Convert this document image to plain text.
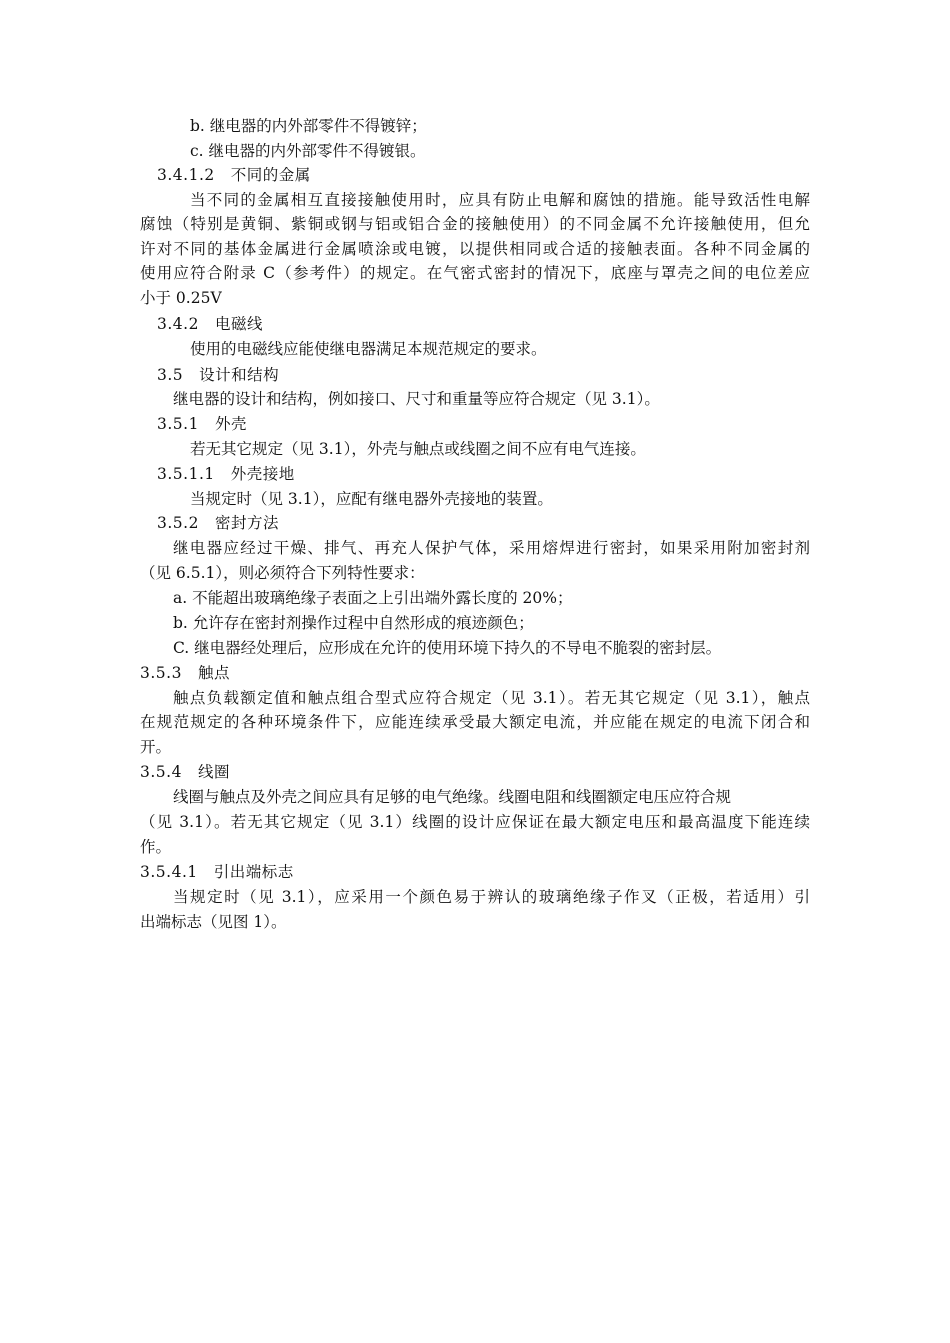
b. 继电器的内外部零件不得镀锌；
c. 继电器的内外部零件不得镀银。
3.4.1.2　不同的金属
当不同的金属相互直接接触使用时，应具有防止电解和腐蚀的措施。能导致活性电解
腐蚀（特别是黄铜、紫铜或钢与铝或铝合金的接触使用）的不同金属不允许接触使用，但允
许对不同的基体金属进行金属喷涂或电镀，以提供相同或合适的接触表面。各种不同金属的
使用应符合附录 C（参考件）的规定。在气密式密封的情况下，底座与罩壳之间的电位差应
小于 0.25V
3.4.2　电磁线
使用的电磁线应能使继电器满足本规范规定的要求。
3.5　设计和结构
继电器的设计和结构，例如接口、尺寸和重量等应符合规定（见 3.1）。
3.5.1　外壳
若无其它规定（见 3.1），外壳与触点或线圈之间不应有电气连接。
3.5.1.1　外壳接地
当规定时（见 3.1），应配有继电器外壳接地的装置。
3.5.2　密封方法
继电器应经过干燥、排气、再充人保护气体，采用熔焊进行密封，如果采用附加密封剂
（见 6.5.1），则必须符合下列特性要求：
a. 不能超出玻璃绝缘子表面之上引出端外露长度的 20%；
b. 允许存在密封剂操作过程中自然形成的痕迹颜色；
C. 继电器经处理后，应形成在允许的使用环境下持久的不导电不脆裂的密封层。
3.5.3　触点
触点负载额定值和触点组合型式应符合规定（见 3.1）。若无其它规定（见 3.1），触点
在规范规定的各种环境条件下，应能连续承受最大额定电流，并应能在规定的电流下闭合和
开。
3.5.4　线圈
线圈与触点及外壳之间应具有足够的电气绝缘。线圈电阻和线圈额定电压应符合规
（见 3.1）。若无其它规定（见 3.1）线圈的设计应保证在最大额定电压和最高温度下能连续
作。
3.5.4.1　引出端标志
当规定时（见 3.1），应采用一个颜色易于辨认的玻璃绝缘子作叉（正极，若适用）引
出端标志（见图 1）。
